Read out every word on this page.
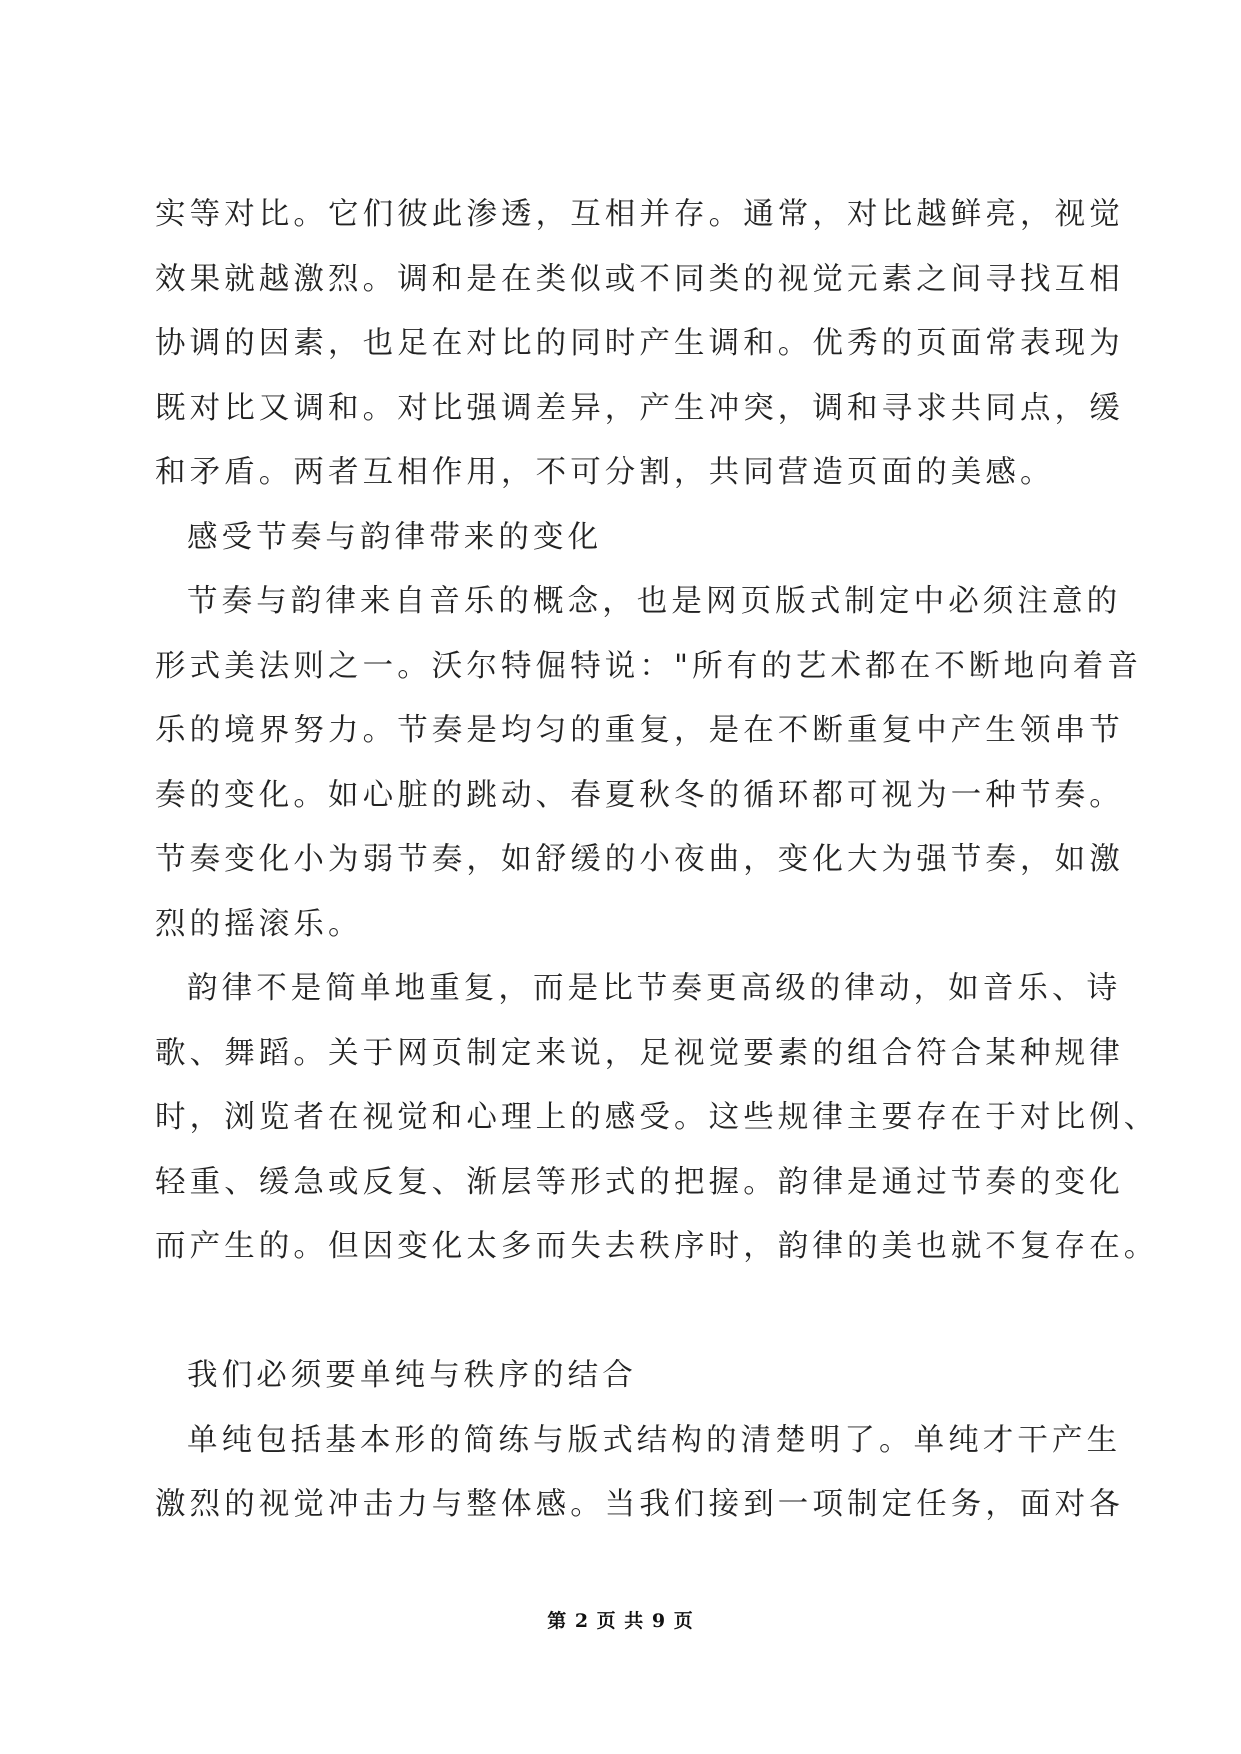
实等对比。它们彼此渗透，互相并存。通常，对比越鲜亮，视觉
效果就越激烈。调和是在类似或不同类的视觉元素之间寻找互相
协调的因素，也足在对比的同时产生调和。优秀的页面常表现为
既对比又调和。对比强调差异，产生冲突，调和寻求共同点，缓
和矛盾。两者互相作用，不可分割，共同营造页面的美感。
感受节奏与韵律带来的变化
节奏与韵律来自音乐的概念，也是网页版式制定中必须注意的
形式美法则之一。沃尔特倔特说："所有的艺术都在不断地向着音
乐的境界努力。节奏是均匀的重复，是在不断重复中产生领串节
奏的变化。如心脏的跳动、春夏秋冬的循环都可视为一种节奏。
节奏变化小为弱节奏，如舒缓的小夜曲，变化大为强节奏，如激
烈的摇滚乐。
韵律不是简单地重复，而是比节奏更高级的律动，如音乐、诗
歌、舞蹈。关于网页制定来说，足视觉要素的组合符合某种规律
时，浏览者在视觉和心理上的感受。这些规律主要存在于对比例、
轻重、缓急或反复、渐层等形式的把握。韵律是通过节奏的变化
而产生的。但因变化太多而失去秩序时，韵律的美也就不复存在。
我们必须要单纯与秩序的结合
单纯包括基本形的简练与版式结构的清楚明了。单纯才干产生
激烈的视觉冲击力与整体感。当我们接到一项制定任务，面对各
第 2 页 共 9 页
